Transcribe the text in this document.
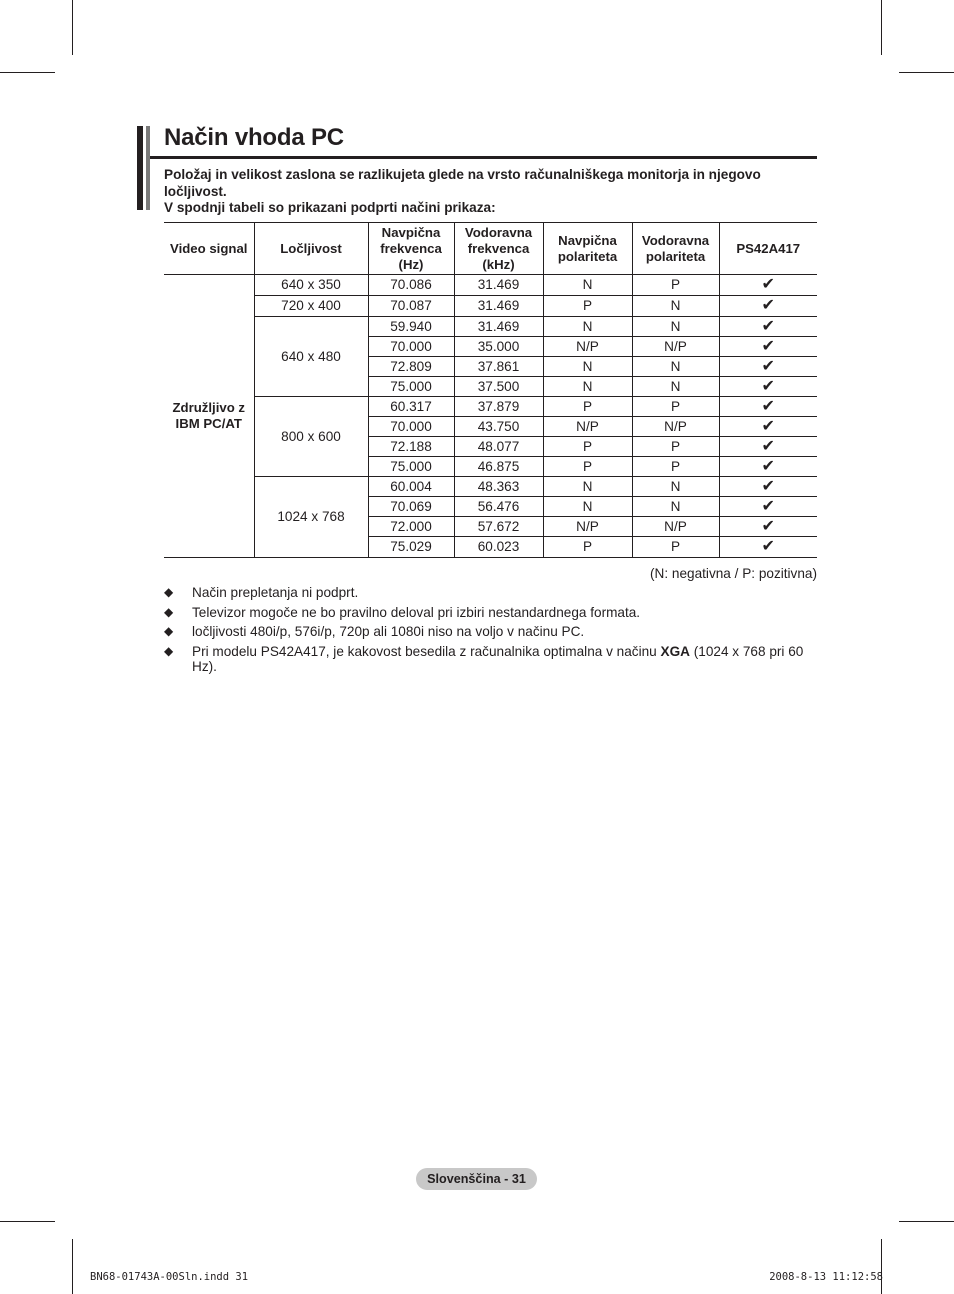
Način vhoda PC

Položaj in velikost zaslona se razlikujeta glede na vrsto računalniškega monitorja in njegovo ločljivost.

V spodnji tabeli so prikazani podprti načini prikaza:

Video signal	Ločljivost	Navpična frekvenca (Hz)	Vodoravna frekvenca (kHz)	Navpična polariteta	Vodoravna polariteta	PS42A417
Združljivo z IBM PC/AT	640 x 350	70.086	31.469	N	P	✔
	720 x 400	70.087	31.469	P	N	✔
	640 x 480	59.940	31.469	N	N	✔
		70.000	35.000	N/P	N/P	✔
		72.809	37.861	N	N	✔
		75.000	37.500	N	N	✔
	800 x 600	60.317	37.879	P	P	✔
		70.000	43.750	N/P	N/P	✔
		72.188	48.077	P	P	✔
		75.000	46.875	P	P	✔
	1024 x 768	60.004	48.363	N	N	✔
		70.069	56.476	N	N	✔
		72.000	57.672	N/P	N/P	✔
		75.029	60.023	P	P	✔
(N: negativna / P: pozitivna)
◆ Način prepletanja ni podprt.
◆ Televizor mogoče ne bo pravilno deloval pri izbiri nestandardnega formata.
◆ ločljivosti 480i/p, 576i/p, 720p ali 1080i niso na voljo v načinu PC.
◆ Pri modelu PS42A417, je kakovost besedila z računalnika optimalna v načinu XGA (1024 x 768 pri 60 Hz).
Slovenščina - 31
BN68-01743A-00Sln.indd 31	2008-8-13 11:12:58
